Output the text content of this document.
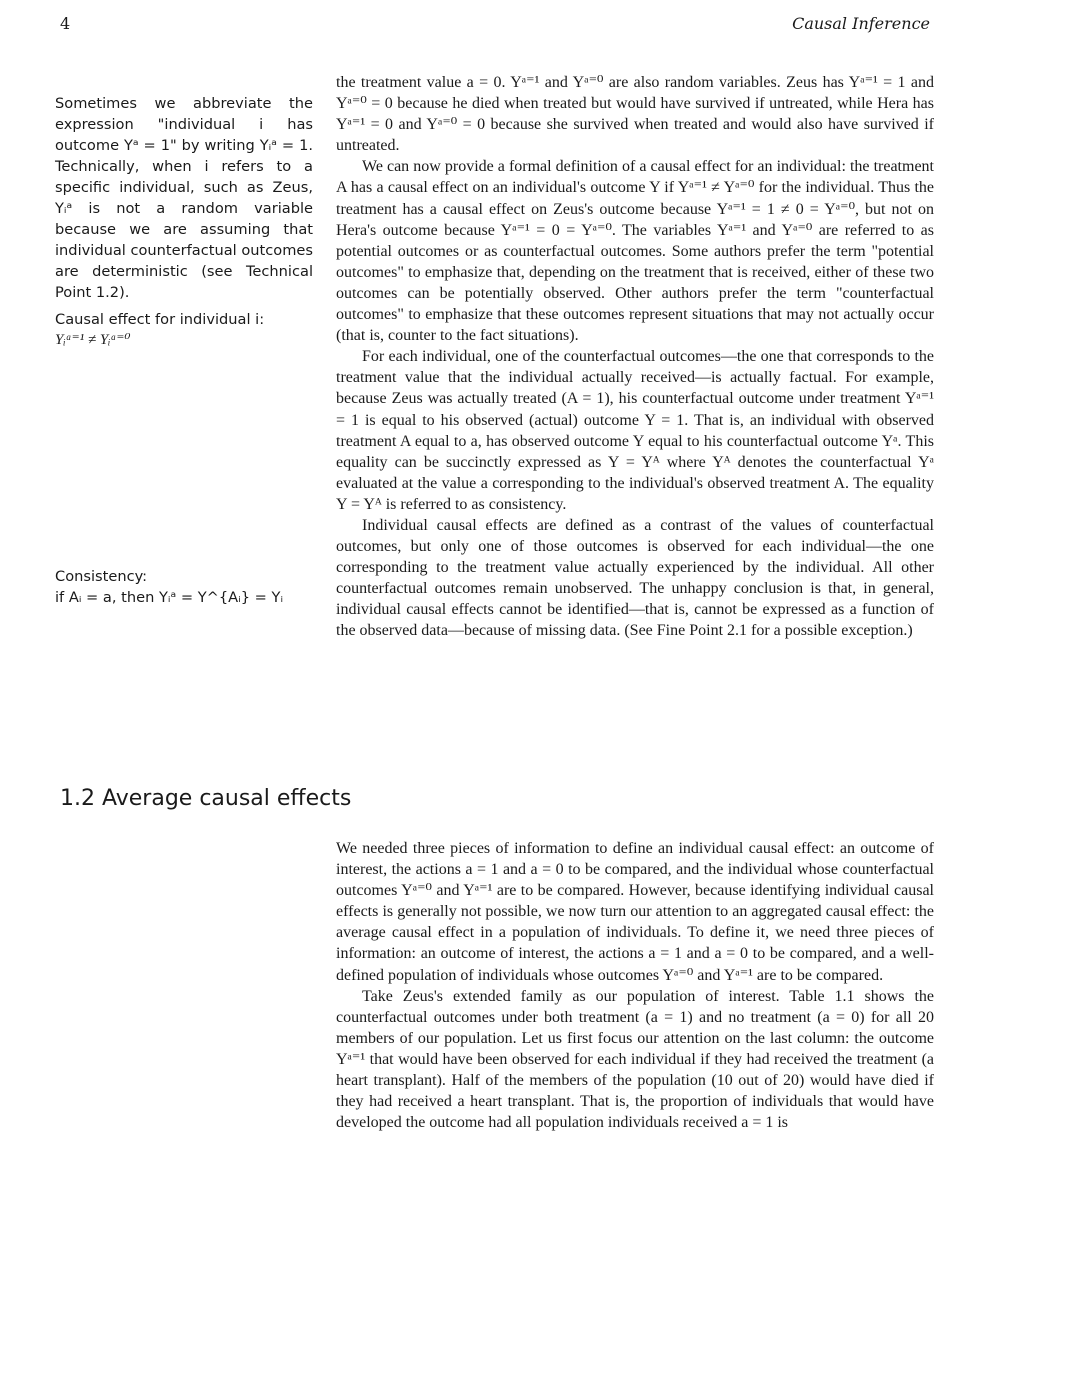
4	Causal Inference

Sometimes we abbreviate the expression "individual i has outcome Yᵃ = 1" by writing Yᵢᵃ = 1. Technically, when i refers to a specific individual, such as Zeus, Yᵢᵃ is not a random variable because we are assuming that individual counterfactual outcomes are deterministic (see Technical Point 1.2).

Causal effect for individual i:

Yᵢᵃ⁼¹ ≠ Yᵢᵃ⁼⁰

Consistency:

if Aᵢ = a, then Yᵢᵃ = Y^{Aᵢ} = Yᵢ

the treatment value a = 0. Yᵃ⁼¹ and Yᵃ⁼⁰ are also random variables. Zeus has Yᵃ⁼¹ = 1 and Yᵃ⁼⁰ = 0 because he died when treated but would have survived if untreated, while Hera has Yᵃ⁼¹ = 0 and Yᵃ⁼⁰ = 0 because she survived when treated and would also have survived if untreated.

We can now provide a formal definition of a causal effect for an individual: the treatment A has a causal effect on an individual's outcome Y if Yᵃ⁼¹ ≠ Yᵃ⁼⁰ for the individual. Thus the treatment has a causal effect on Zeus's outcome because Yᵃ⁼¹ = 1 ≠ 0 = Yᵃ⁼⁰, but not on Hera's outcome because Yᵃ⁼¹ = 0 = Yᵃ⁼⁰. The variables Yᵃ⁼¹ and Yᵃ⁼⁰ are referred to as potential outcomes or as counterfactual outcomes. Some authors prefer the term "potential outcomes" to emphasize that, depending on the treatment that is received, either of these two outcomes can be potentially observed. Other authors prefer the term "counterfactual outcomes" to emphasize that these outcomes represent situations that may not actually occur (that is, counter to the fact situations).

For each individual, one of the counterfactual outcomes—the one that corresponds to the treatment value that the individual actually received—is actually factual. For example, because Zeus was actually treated (A = 1), his counterfactual outcome under treatment Yᵃ⁼¹ = 1 is equal to his observed (actual) outcome Y = 1. That is, an individual with observed treatment A equal to a, has observed outcome Y equal to his counterfactual outcome Yᵃ. This equality can be succinctly expressed as Y = Yᴬ where Yᴬ denotes the counterfactual Yᵃ evaluated at the value a corresponding to the individual's observed treatment A. The equality Y = Yᴬ is referred to as consistency.

Individual causal effects are defined as a contrast of the values of counterfactual outcomes, but only one of those outcomes is observed for each individual—the one corresponding to the treatment value actually experienced by the individual. All other counterfactual outcomes remain unobserved. The unhappy conclusion is that, in general, individual causal effects cannot be identified—that is, cannot be expressed as a function of the observed data—because of missing data. (See Fine Point 2.1 for a possible exception.)

1.2 Average causal effects

We needed three pieces of information to define an individual causal effect: an outcome of interest, the actions a = 1 and a = 0 to be compared, and the individual whose counterfactual outcomes Yᵃ⁼⁰ and Yᵃ⁼¹ are to be compared. However, because identifying individual causal effects is generally not possible, we now turn our attention to an aggregated causal effect: the average causal effect in a population of individuals. To define it, we need three pieces of information: an outcome of interest, the actions a = 1 and a = 0 to be compared, and a well-defined population of individuals whose outcomes Yᵃ⁼⁰ and Yᵃ⁼¹ are to be compared.

Take Zeus's extended family as our population of interest. Table 1.1 shows the counterfactual outcomes under both treatment (a = 1) and no treatment (a = 0) for all 20 members of our population. Let us first focus our attention on the last column: the outcome Yᵃ⁼¹ that would have been observed for each individual if they had received the treatment (a heart transplant). Half of the members of the population (10 out of 20) would have died if they had received a heart transplant. That is, the proportion of individuals that would have developed the outcome had all population individuals received a = 1 is
